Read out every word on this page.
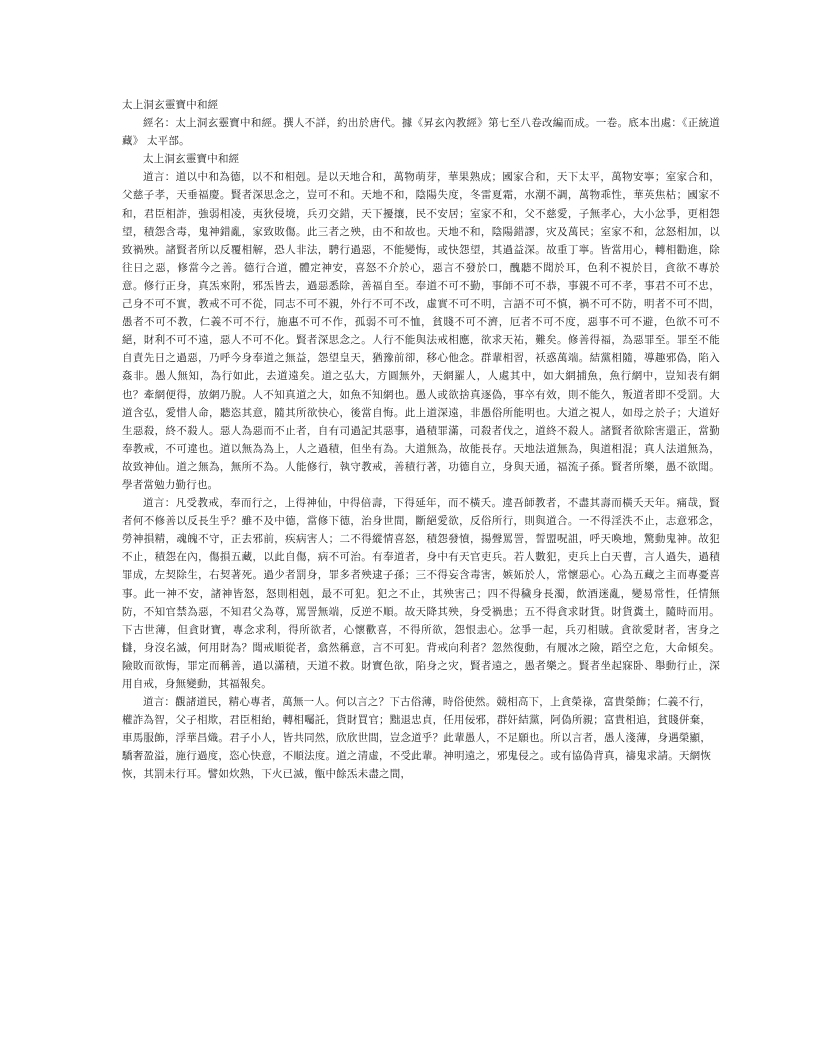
太上洞玄靈寶中和經

經名：太上洞玄靈寶中和經。撰人不詳，約出於唐代。據《昇玄內教經》第七至八卷改編而成。一卷。底本出處：《正統道藏》 太平部。

太上洞玄靈寶中和經

道言：道以中和為德，以不和相剋。是以天地合和，萬物萌芽，華果熟成；國家合和，天下太平，萬物安寧；室家合和，父慈子孝，天垂福慶。賢者深思念之，豈可不和。天地不和，陰陽失度，冬雷夏霜，水潮不調，萬物乖性，華英焦枯；國家不和，君臣相詐，強弱相凌，夷狄侵境，兵刃交錯，天下擾攘，民不安居；室家不和，父不慈愛，子無孝心，大小忿爭，更相怨望，積怨含毒，鬼神錯亂，家致敗傷。此三者之殃，由不和故也。天地不和，陰陽錯謬，灾及萬民；室家不和，忿怒相加，以致禍殃。諸賢者所以反覆相解，恐人非法，騁行過惡，不能變悔，或快怨望，其過益深。故重丁寧。皆當用心，轉相勸進，除往日之惡，修當今之善。德行合道，體定神安，喜怒不介於心，惡言不發於口，醜聽不聞於耳，色利不視於目，貪欲不專於意。修行正身，真炁來附，邪炁皆去，過惡悉除，善福自至。奉道不可不勤，事師不可不恭，事親不可不孝，事君不可不忠，己身不可不實，教戒不可不從，同志不可不親，外行不可不改，虛實不可不明，言語不可不慎，禍不可不防，明者不可不問，愚者不可不教，仁義不可不行，施惠不可不作，孤弱不可不恤，貧賤不可不濟，厄者不可不度，惡事不可不避，色欲不可不絕，財利不可不遠，惡人不可不化。賢者深思念之。人行不能與法戒相應，欲求天祐，難矣。修善得福，為惡罪至。罪至不能自責先日之過惡，乃呼今身奉道之無益，怨望皇天，猶豫前卻，移心他念。群輩相習，袄惑萬端。結黨相隨，導趣邪偽，陷入姦非。愚人無知，為行如此，去道遠矣。道之弘大，方圓無外，天網羅人，人處其中，如大網捕魚，魚行網中，豈知表有網也？牽網便得，放網乃脫。人不知真道之大，如魚不知網也。愚人或欲捨真逐偽，事卒有效，則不能久，叛道者即不受罰。大道含弘，愛惜人命，聽恣其意，隨其所欲快心，後當自悔。此上道深遠，非愚俗所能明也。大道之視人，如母之於子；大道好生惡殺，終不殺人。惡人為惡而不止者，自有司過記其惡事，過積罪滿，司殺者伐之，道終不殺人。諸賢者欲除害還正，當勤奉教戒，不可違也。道以無為為上，人之過積，但坐有為。大道無為，故能長存。天地法道無為，與道相混；真人法道無為，故致神仙。道之無為，無所不為。人能修行，執守教戒，善積行著，功德自立，身與天通，福流子孫。賢者所樂，愚不欲聞。學者當勉力勤行也。

道言：凡受教戒，奉而行之，上得神仙，中得倍壽，下得延年，而不橫夭。違吾師教者，不盡其壽而橫夭天年。痛哉，賢者何不修善以反長生乎？雖不及中德，當修下德，治身世間，斷絕愛欲，反俗所行，則與道合。一不得淫泆不止，志意邪念，勞神損精，魂魄不守，正去邪前，疾病害人；二不得縱情喜怒，積怨發憤，揚聲罵詈，誓盟呪詛，呼天喚地，驚動鬼神。故犯不止，積怨在內，傷損五藏，以此自傷，病不可治。有奉道者，身中有天官吏兵。若人數犯，吏兵上白天曹，言人過失，過積罪成，左契除生，右契著死。過少者罰身，罪多者殃逮子孫；三不得妄含毒害，嫉妬於人，常懷惡心。心為五藏之主而專憂喜事。此一神不安，諸神皆怒，怒則相剋，最不可犯。犯之不止，其殃害己；四不得穢身長濁，飲酒迷亂，變易常性，任情無防，不知官禁為惡，不知君父為尊，罵詈無端，反逆不順。故天降其殃，身受禍患；五不得貪求財貨。財貨糞土，隨時而用。下古世薄，但貪財寶，專念求利，得所欲者，心懷歡喜，不得所欲，怨恨恚心。忿爭一起，兵刃相賊。貪欲愛財者，害身之讎，身沒名滅，何用財為？聞戒順從者，翕然稱意，言不可犯。背戒向利者？忽然復動，有履冰之險，蹈空之危，大命傾矣。險敗而欲悔，罪定而稱善，過以滿積，天道不救。財寶色欲，陷身之灾，賢者遠之，愚者樂之。賢者坐起寐卧、舉動行止，深用自戒，身無變動，其福報矣。

道言：觀諸道民，精心專者，萬無一人。何以言之？下古俗薄，時俗使然。競相高下，上貪榮祿，富貴榮飾；仁義不行，權詐為智，父子相欺，君臣相紿，轉相囑託，貨財買官；黜退忠貞，任用佞邪，群奸結黨，阿偽所親；富貴相追，貧賤併棄，車馬服飾，浮華昌熾。君子小人，皆共同然，欣欣世間，豈念道乎？此輩愚人，不足願也。所以言者，愚人淺薄，身遇榮顯，驕奢盈溢，施行過度，恣心快意，不順法度。道之清虛，不受此輩。神明遠之，邪鬼侵之。或有協偽背真，禱鬼求請。天網恢恢，其罰未行耳。譬如炊熟，下火已滅，甑中餘炁未盡之間，
